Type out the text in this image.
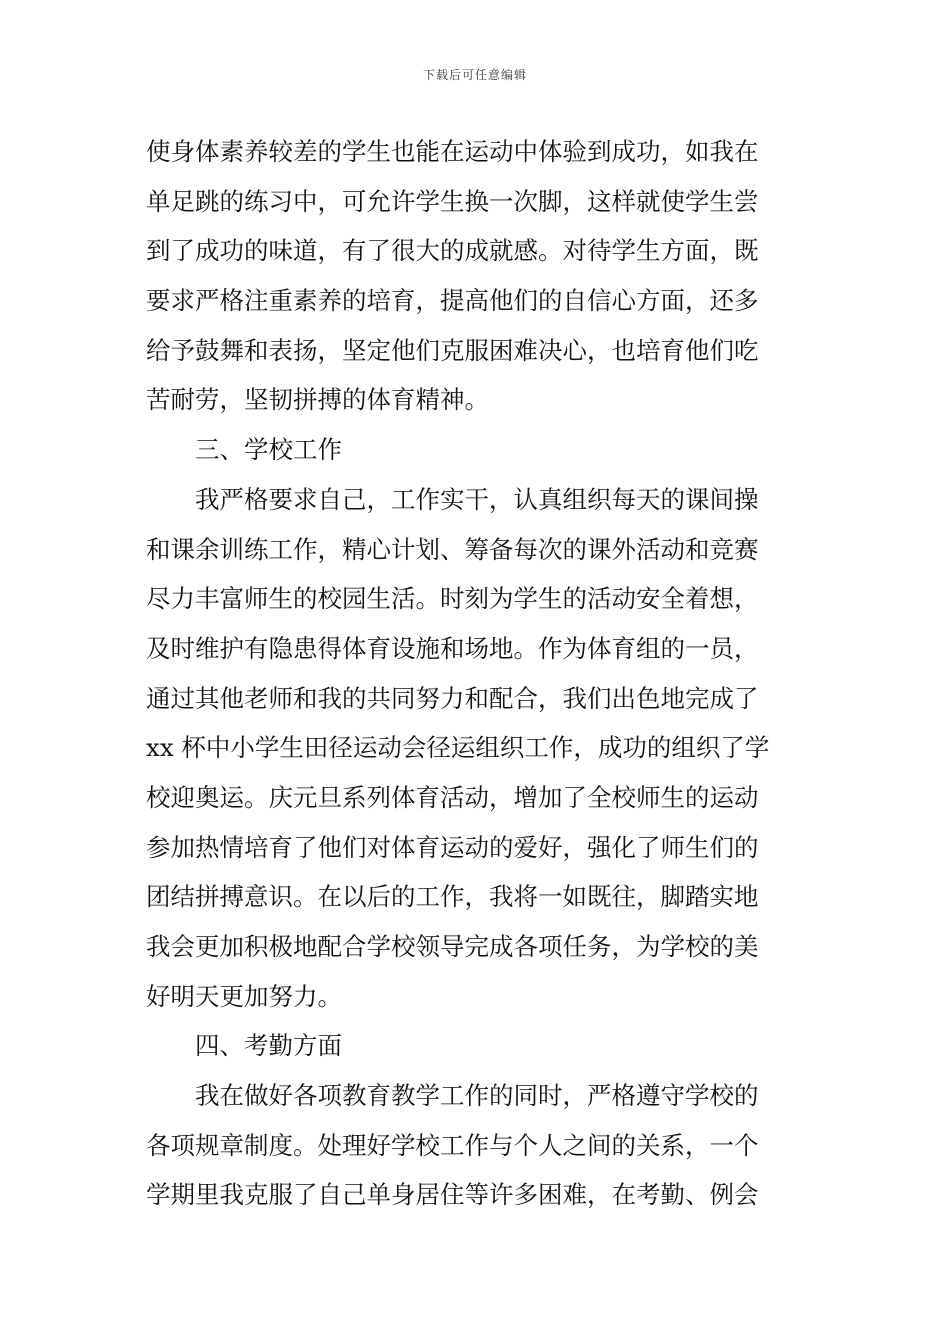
下载后可任意编辑
使身体素养较差的学生也能在运动中体验到成功，如我在
单足跳的练习中，可允许学生换一次脚，这样就使学生尝
到了成功的味道，有了很大的成就感。对待学生方面，既
要求严格注重素养的培育，提高他们的自信心方面，还多
给予鼓舞和表扬，坚定他们克服困难决心，也培育他们吃
苦耐劳，坚韧拼搏的体育精神。
三、学校工作
我严格要求自己，工作实干，认真组织每天的课间操
和课余训练工作，精心计划、筹备每次的课外活动和竞赛
尽力丰富师生的校园生活。时刻为学生的活动安全着想，
及时维护有隐患得体育设施和场地。作为体育组的一员，
通过其他老师和我的共同努力和配合，我们出色地完成了
xx 杯中小学生田径运动会径运组织工作，成功的组织了学
校迎奥运。庆元旦系列体育活动，增加了全校师生的运动
参加热情培育了他们对体育运动的爱好，强化了师生们的
团结拼搏意识。在以后的工作，我将一如既往，脚踏实地
我会更加积极地配合学校领导完成各项任务，为学校的美
好明天更加努力。
四、考勤方面
我在做好各项教育教学工作的同时，严格遵守学校的
各项规章制度。处理好学校工作与个人之间的关系，一个
学期里我克服了自己单身居住等许多困难，在考勤、例会
